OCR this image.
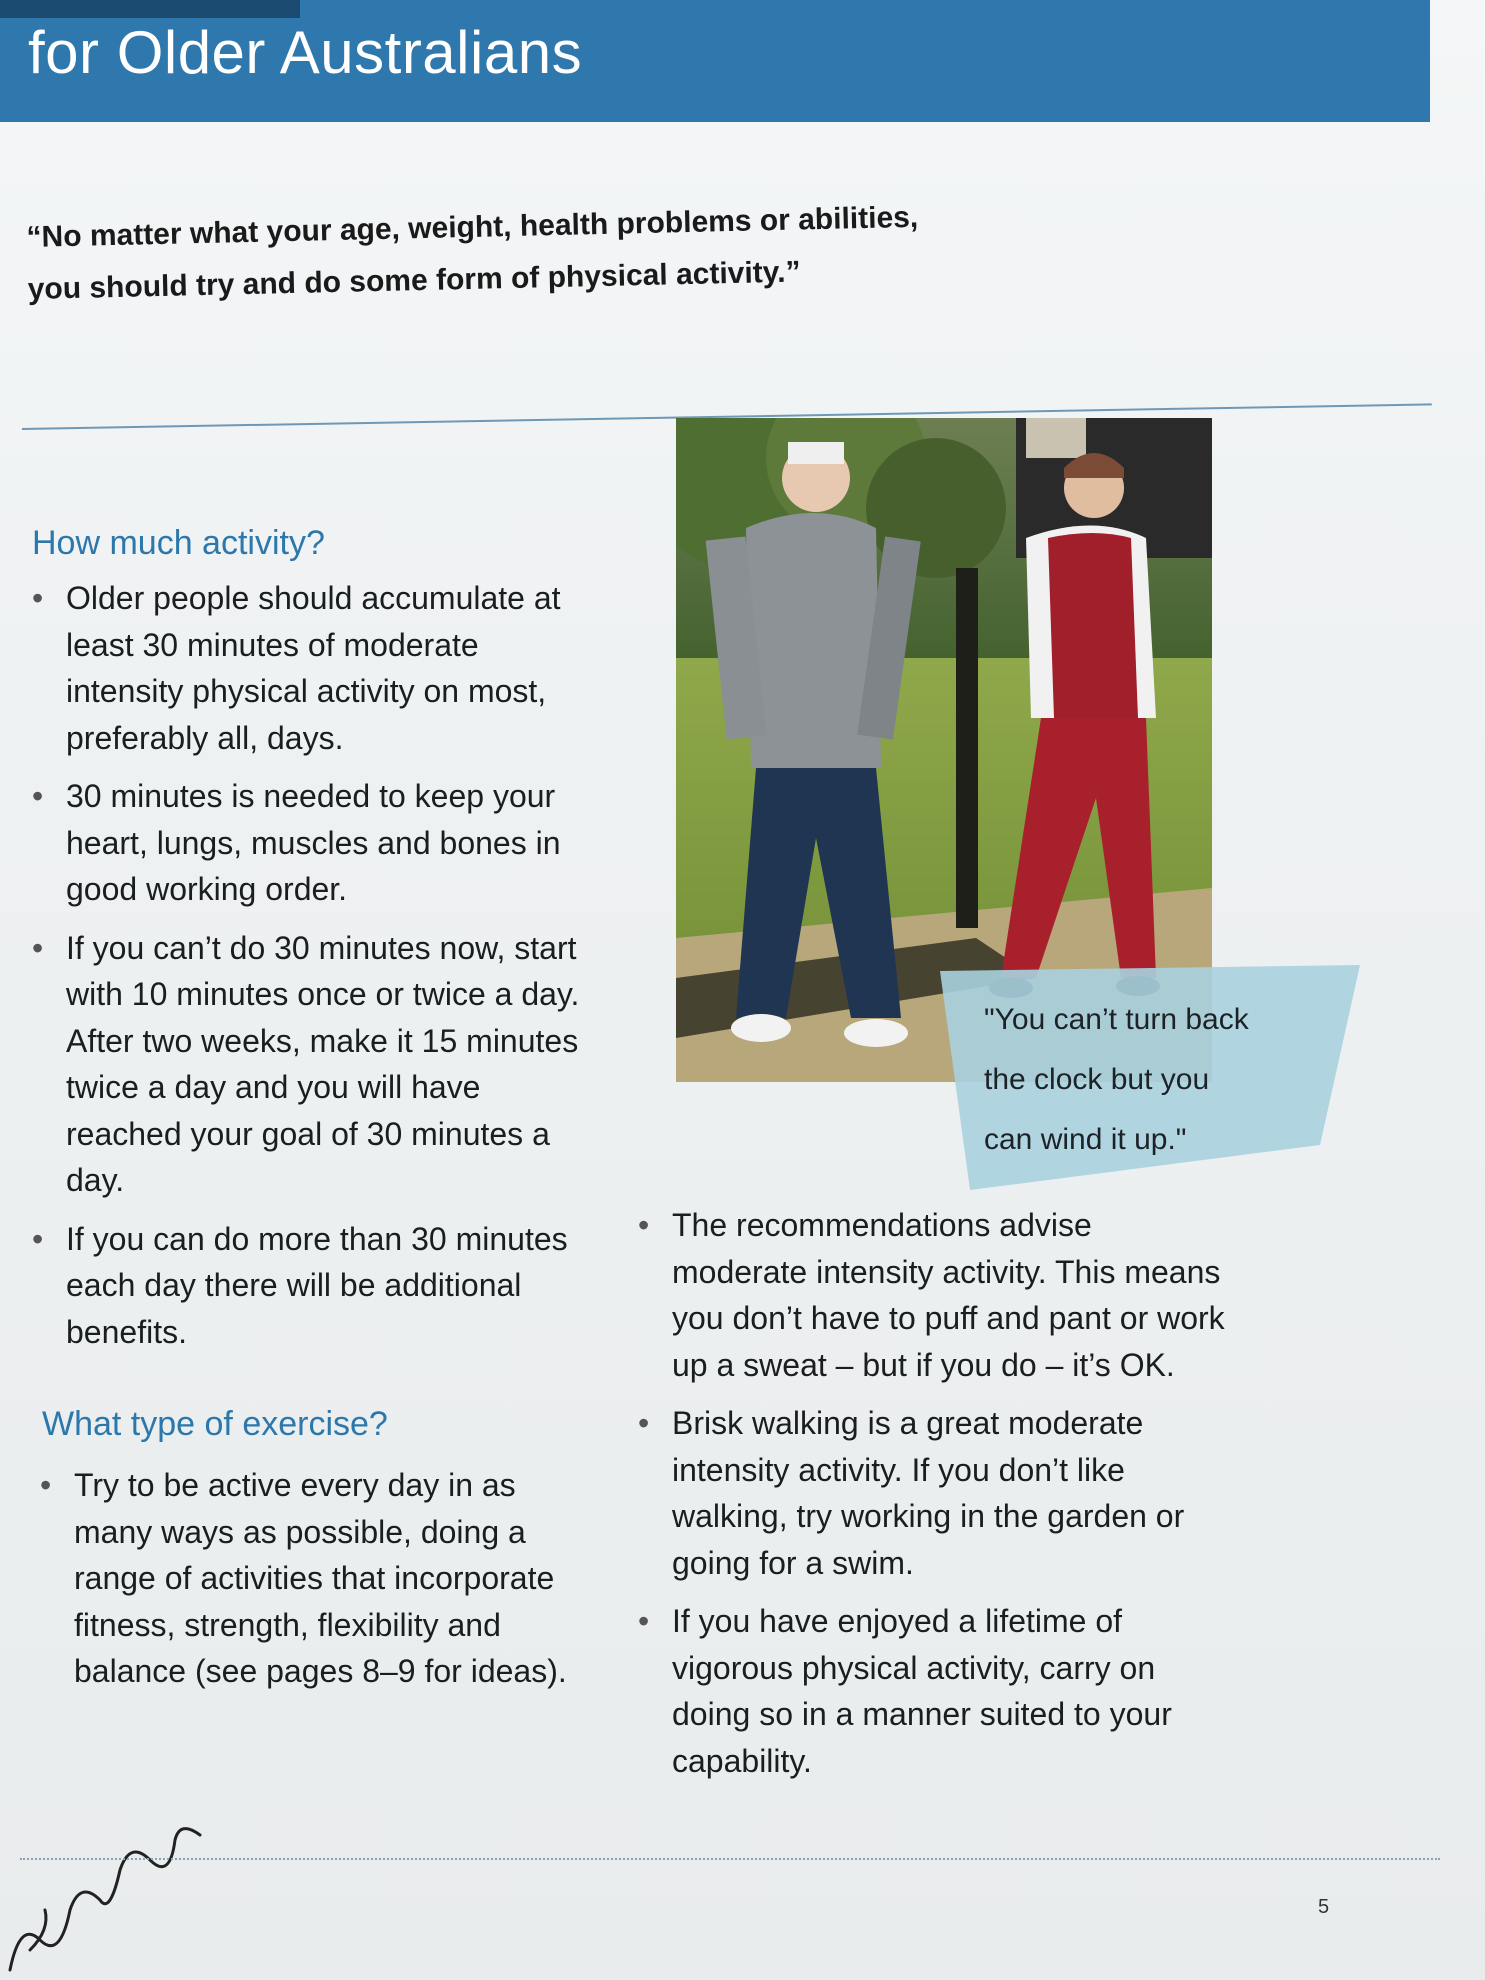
for Older Australians
“No matter what your age, weight, health problems or abilities,
you should try and do some form of physical activity.”
How much activity?
• Older people should accumulate at least 30 minutes of moderate intensity physical activity on most, preferably all, days.
• 30 minutes is needed to keep your heart, lungs, muscles and bones in good working order.
• If you can’t do 30 minutes now, start with 10 minutes once or twice a day. After two weeks, make it 15 minutes twice a day and you will have reached your goal of 30 minutes a day.
• If you can do more than 30 minutes each day there will be additional benefits.
What type of exercise?
• Try to be active every day in as many ways as possible, doing a range of activities that incorporate fitness, strength, flexibility and balance (see pages 8–9 for ideas).
"You can’t turn back
the clock but you
can wind it up."
• The recommendations advise moderate intensity activity. This means you don’t have to puff and pant or work up a sweat – but if you do – it’s OK.
• Brisk walking is a great moderate intensity activity. If you don’t like walking, try working in the garden or going for a swim.
• If you have enjoyed a lifetime of vigorous physical activity, carry on doing so in a manner suited to your capability.
5
